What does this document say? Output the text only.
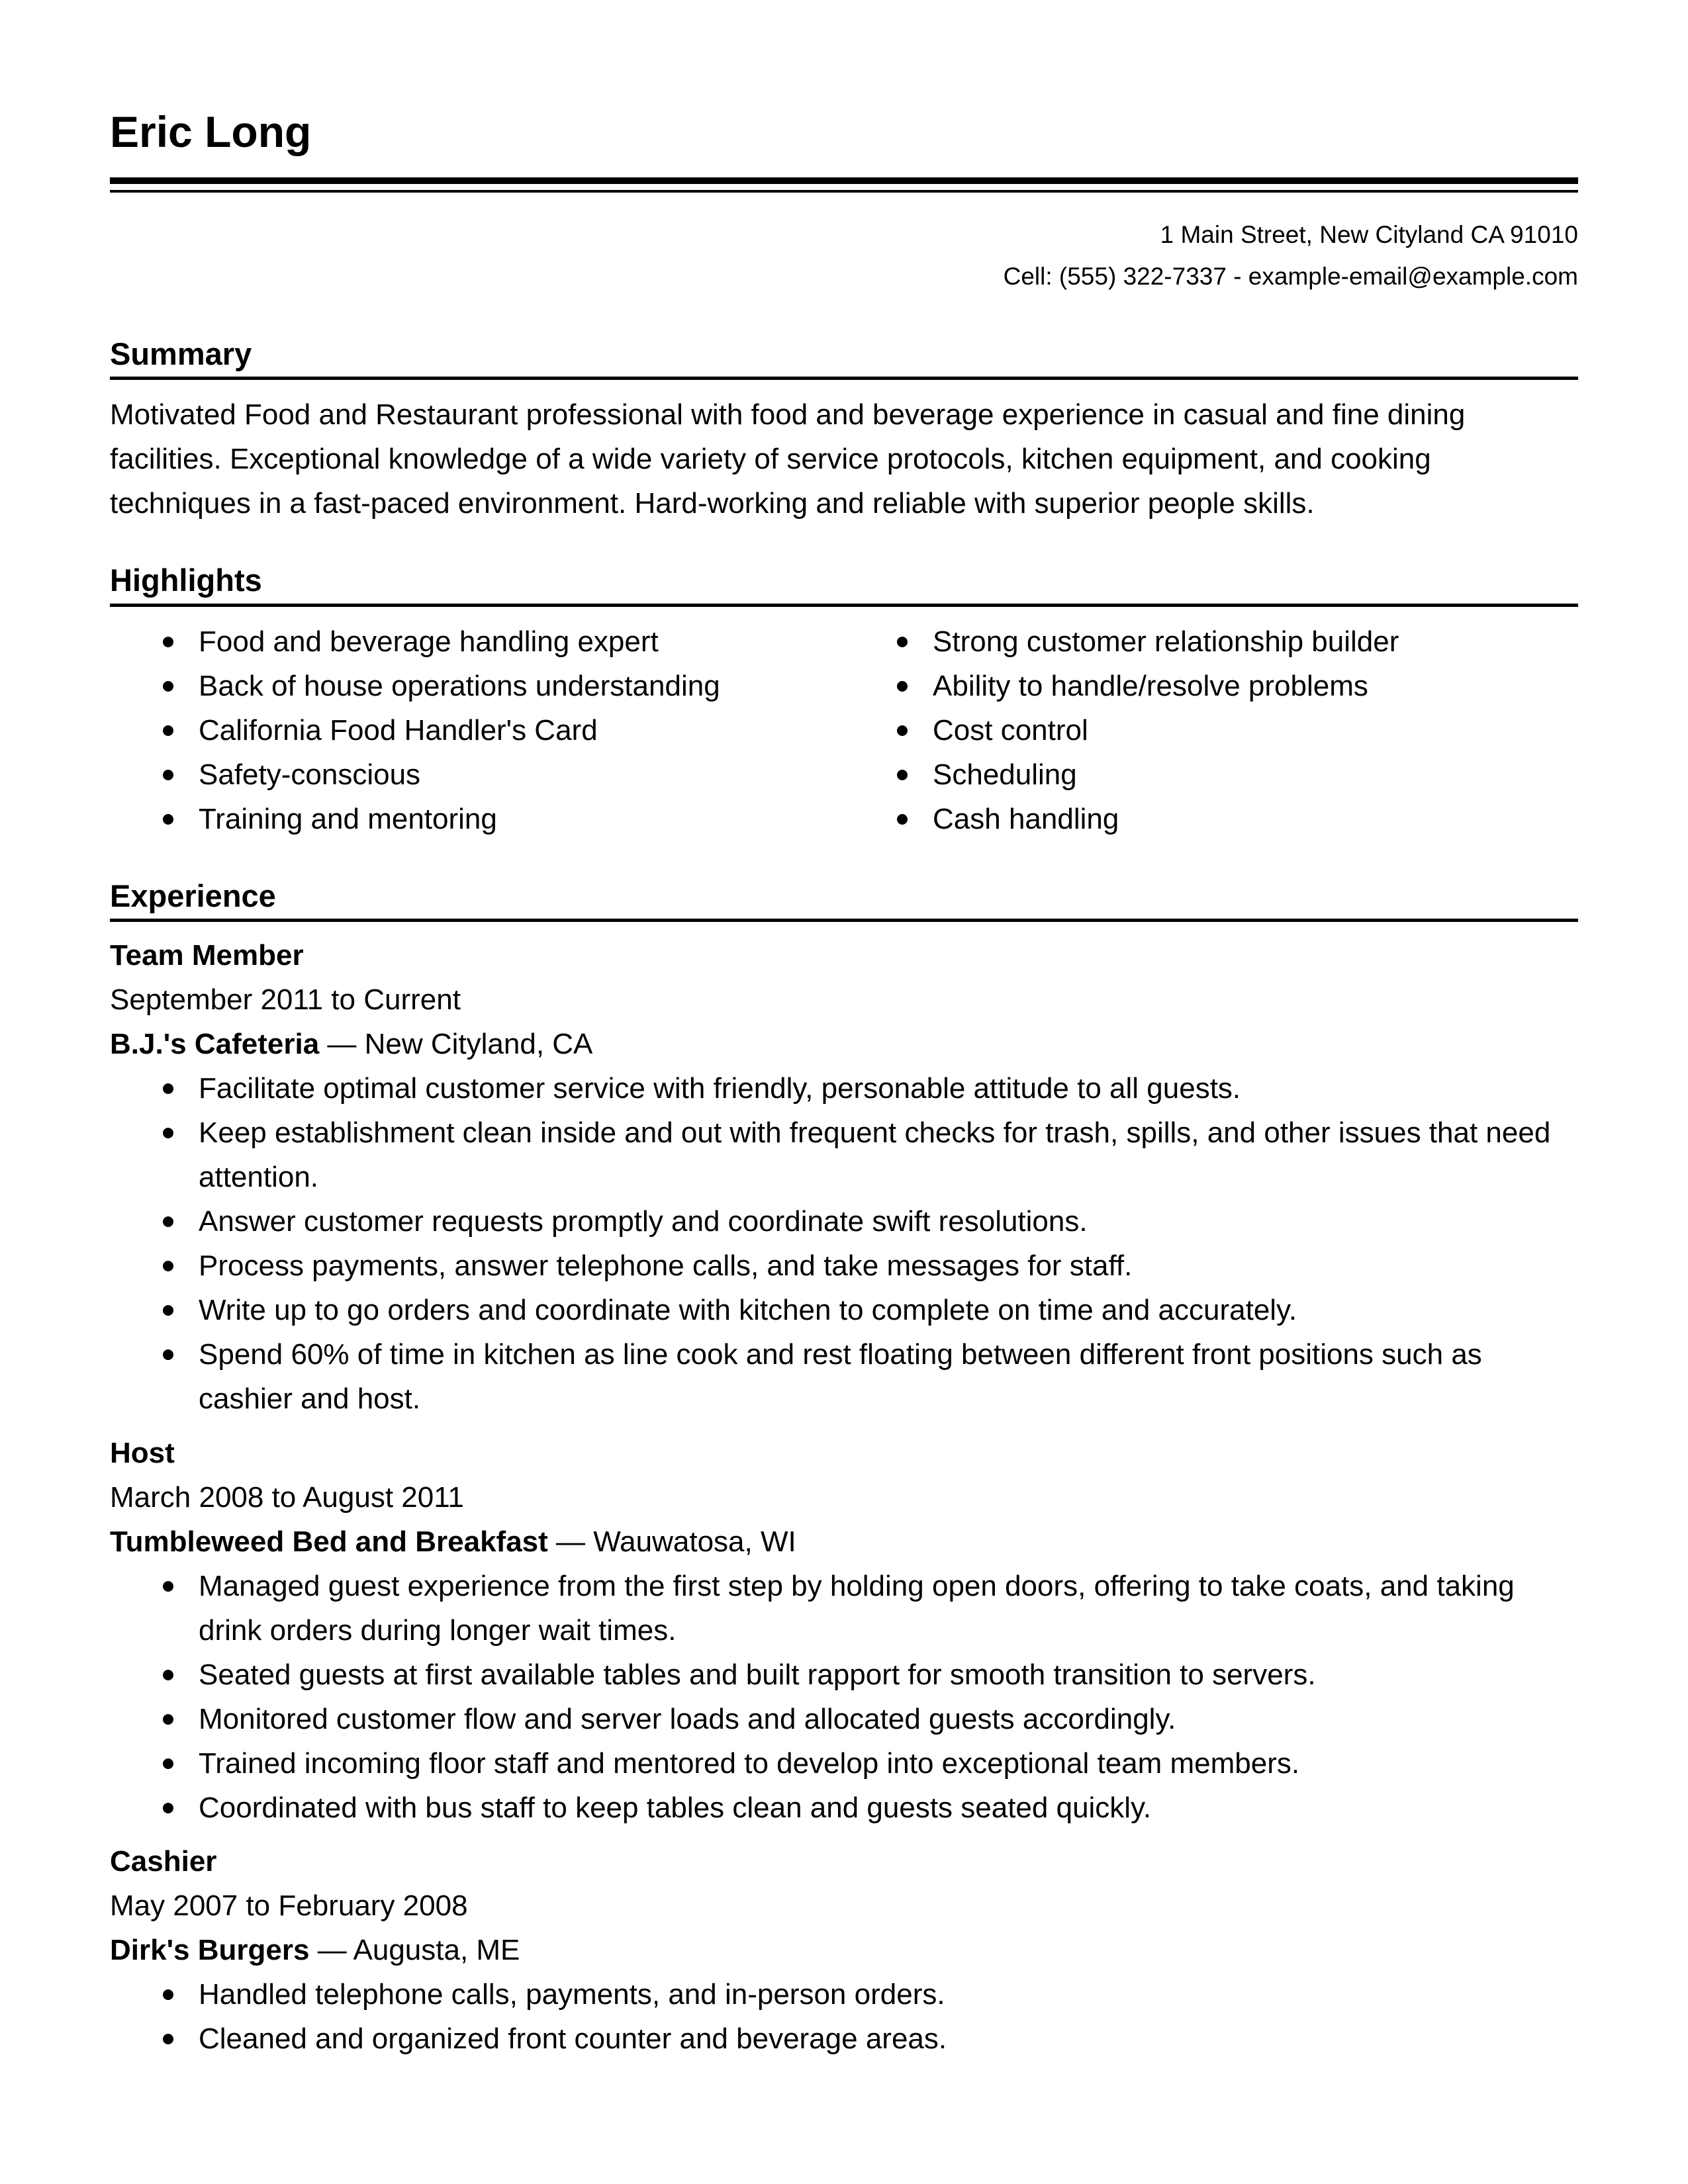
Eric Long
1 Main Street, New Cityland CA 91010
Cell: (555) 322-7337 - example-email@example.com
Summary

Motivated Food and Restaurant professional with food and beverage experience in casual and fine dining facilities. Exceptional knowledge of a wide variety of service protocols, kitchen equipment, and cooking techniques in a fast-paced environment. Hard-working and reliable with superior people skills.

Highlights
Food and beverage handling expert
Back of house operations understanding
California Food Handler's Card
Safety-conscious
Training and mentoring
Strong customer relationship builder
Ability to handle/resolve problems
Cost control
Scheduling
Cash handling
Experience
Team Member
September 2011 to Current
B.J.'s Cafeteria — New Cityland, CA
Facilitate optimal customer service with friendly, personable attitude to all guests.
Keep establishment clean inside and out with frequent checks for trash, spills, and other issues that need attention.
Answer customer requests promptly and coordinate swift resolutions.
Process payments, answer telephone calls, and take messages for staff.
Write up to go orders and coordinate with kitchen to complete on time and accurately.
Spend 60% of time in kitchen as line cook and rest floating between different front positions such as cashier and host.
Host
March 2008 to August 2011
Tumbleweed Bed and Breakfast — Wauwatosa, WI
Managed guest experience from the first step by holding open doors, offering to take coats, and taking drink orders during longer wait times.
Seated guests at first available tables and built rapport for smooth transition to servers.
Monitored customer flow and server loads and allocated guests accordingly.
Trained incoming floor staff and mentored to develop into exceptional team members.
Coordinated with bus staff to keep tables clean and guests seated quickly.
Cashier
May 2007 to February 2008
Dirk's Burgers — Augusta, ME
Handled telephone calls, payments, and in-person orders.
Cleaned and organized front counter and beverage areas.
